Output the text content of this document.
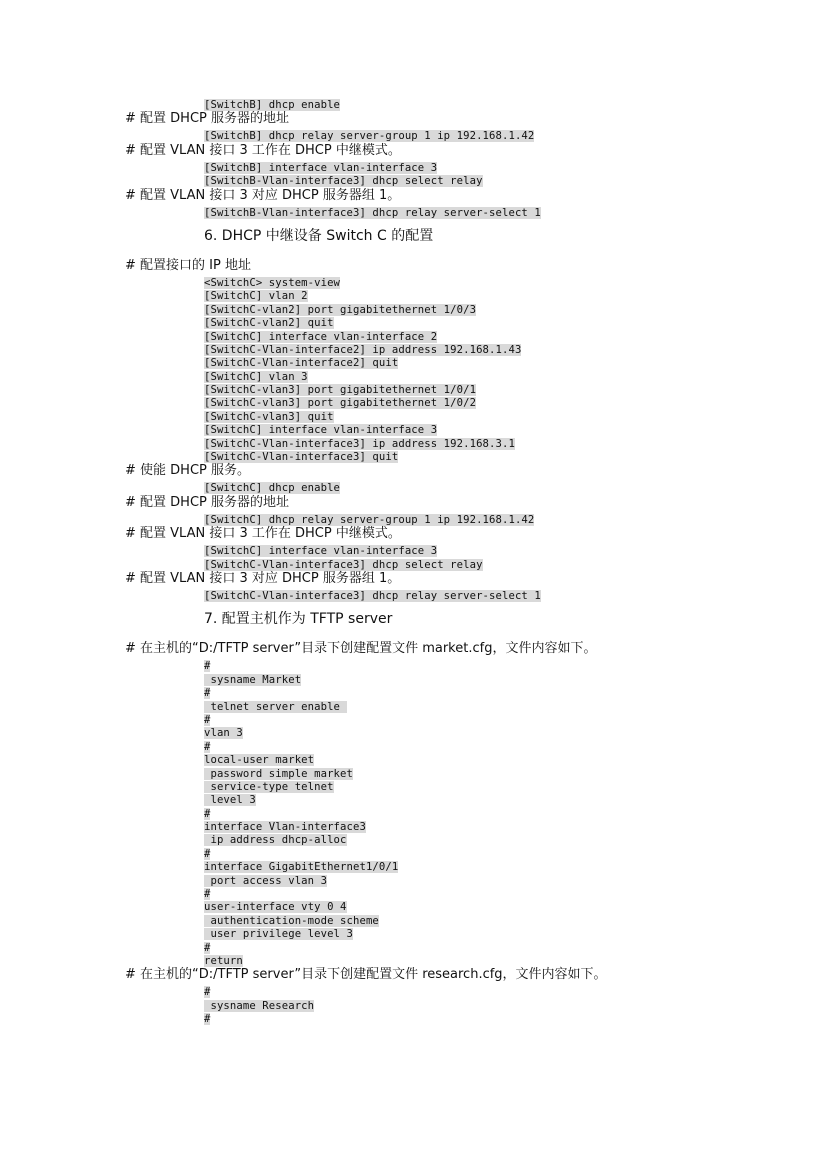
[SwitchB] dhcp enable
# 配置 DHCP 服务器的地址
[SwitchB] dhcp relay server-group 1 ip 192.168.1.42
# 配置 VLAN 接口 3 工作在 DHCP 中继模式。
[SwitchB] interface vlan-interface 3
[SwitchB-Vlan-interface3] dhcp select relay
# 配置 VLAN 接口 3 对应 DHCP 服务器组 1。
[SwitchB-Vlan-interface3] dhcp relay server-select 1
6. DHCP 中继设备 Switch C 的配置
# 配置接口的 IP 地址
<SwitchC> system-view
[SwitchC] vlan 2
[SwitchC-vlan2] port gigabitethernet 1/0/3
[SwitchC-vlan2] quit
[SwitchC] interface vlan-interface 2
[SwitchC-Vlan-interface2] ip address 192.168.1.43
[SwitchC-Vlan-interface2] quit
[SwitchC] vlan 3
[SwitchC-vlan3] port gigabitethernet 1/0/1
[SwitchC-vlan3] port gigabitethernet 1/0/2
[SwitchC-vlan3] quit
[SwitchC] interface vlan-interface 3
[SwitchC-Vlan-interface3] ip address 192.168.3.1
[SwitchC-Vlan-interface3] quit
# 使能 DHCP 服务。
[SwitchC] dhcp enable
# 配置 DHCP 服务器的地址
[SwitchC] dhcp relay server-group 1 ip 192.168.1.42
# 配置 VLAN 接口 3 工作在 DHCP 中继模式。
[SwitchC] interface vlan-interface 3
[SwitchC-Vlan-interface3] dhcp select relay
# 配置 VLAN 接口 3 对应 DHCP 服务器组 1。
[SwitchC-Vlan-interface3] dhcp relay server-select 1
7. 配置主机作为 TFTP server
# 在主机的“D:/TFTP server”目录下创建配置文件 market.cfg，文件内容如下。
#
sysname Market
#
telnet server enable
#
vlan 3
#
local-user market
password simple market
service-type telnet
level 3
#
interface Vlan-interface3
ip address dhcp-alloc
#
interface GigabitEthernet1/0/1
port access vlan 3
#
user-interface vty 0 4
authentication-mode scheme
user privilege level 3
#
return
# 在主机的“D:/TFTP server”目录下创建配置文件 research.cfg，文件内容如下。
#
sysname Research
#
